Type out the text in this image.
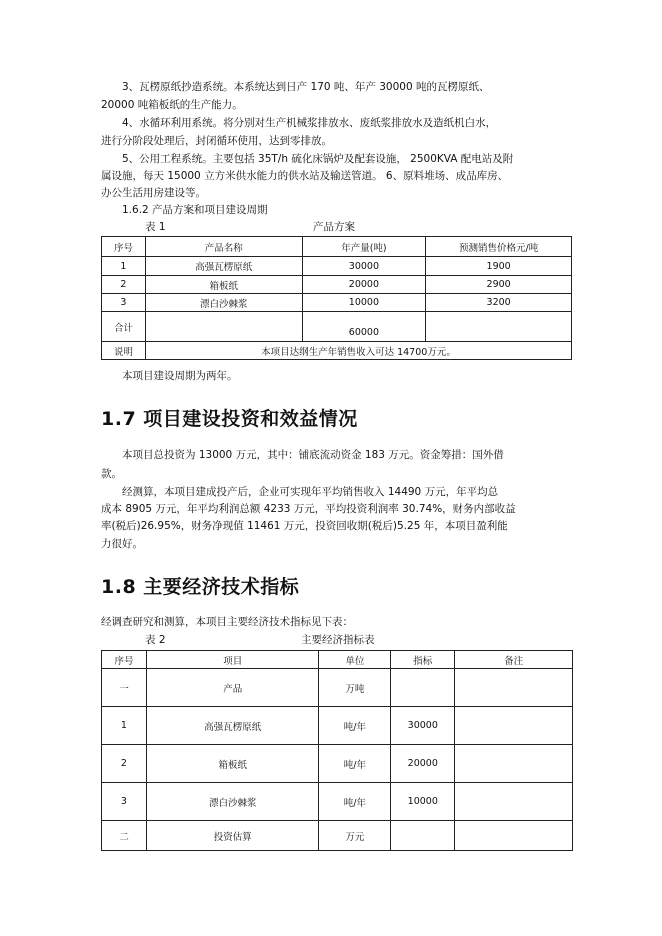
3、瓦楞原纸抄造系统。本系统达到日产 170 吨、年产 30000 吨的瓦楞原纸、
20000 吨箱板纸的生产能力。
4、水循环利用系统。将分别对生产机械浆排放水、废纸浆排放水及造纸机白水，
进行分阶段处理后，封闭循环使用，达到零排放。
5、公用工程系统。主要包括 35T/h 硫化床锅炉及配套设施， 2500KVA 配电站及附
属设施，每天 15000 立方米供水能力的供水站及输送管道。 6、原料堆场、成品库房、
办公生活用房建设等。
1.6.2 产品方案和项目建设周期
表 1	产品方案
序号	产品名称	年产量(吨)	预测销售价格元/吨
1	高强瓦楞原纸	30000	1900
2	箱板纸	20000	2900
3	漂白沙棘浆	10000	3200
合计		60000	
说明	本项目达纲生产年销售收入可达 14700万元。		
本项目建设周期为两年。
1.7 项目建设投资和效益情况
本项目总投资为 13000 万元，其中：铺底流动资金 183 万元。资金筹措：国外借
款。
经测算，本项目建成投产后，企业可实现年平均销售收入 14490 万元，年平均总
成本 8905 万元，年平均利润总额 4233 万元，平均投资利润率 30.74%，财务内部收益
率(税后)26.95%，财务净现值 11461 万元，投资回收期(税后)5.25 年，本项目盈利能
力很好。
1.8 主要经济技术指标
经调查研究和测算，本项目主要经济技术指标见下表：
表 2	主要经济指标表
序号	项目	单位	指标	备注
一	产品	万吨		
1	高强瓦楞原纸	吨/年	30000	
2	箱板纸	吨/年	20000	
3	漂白沙棘浆	吨/年	10000	
二	投资估算	万元		
